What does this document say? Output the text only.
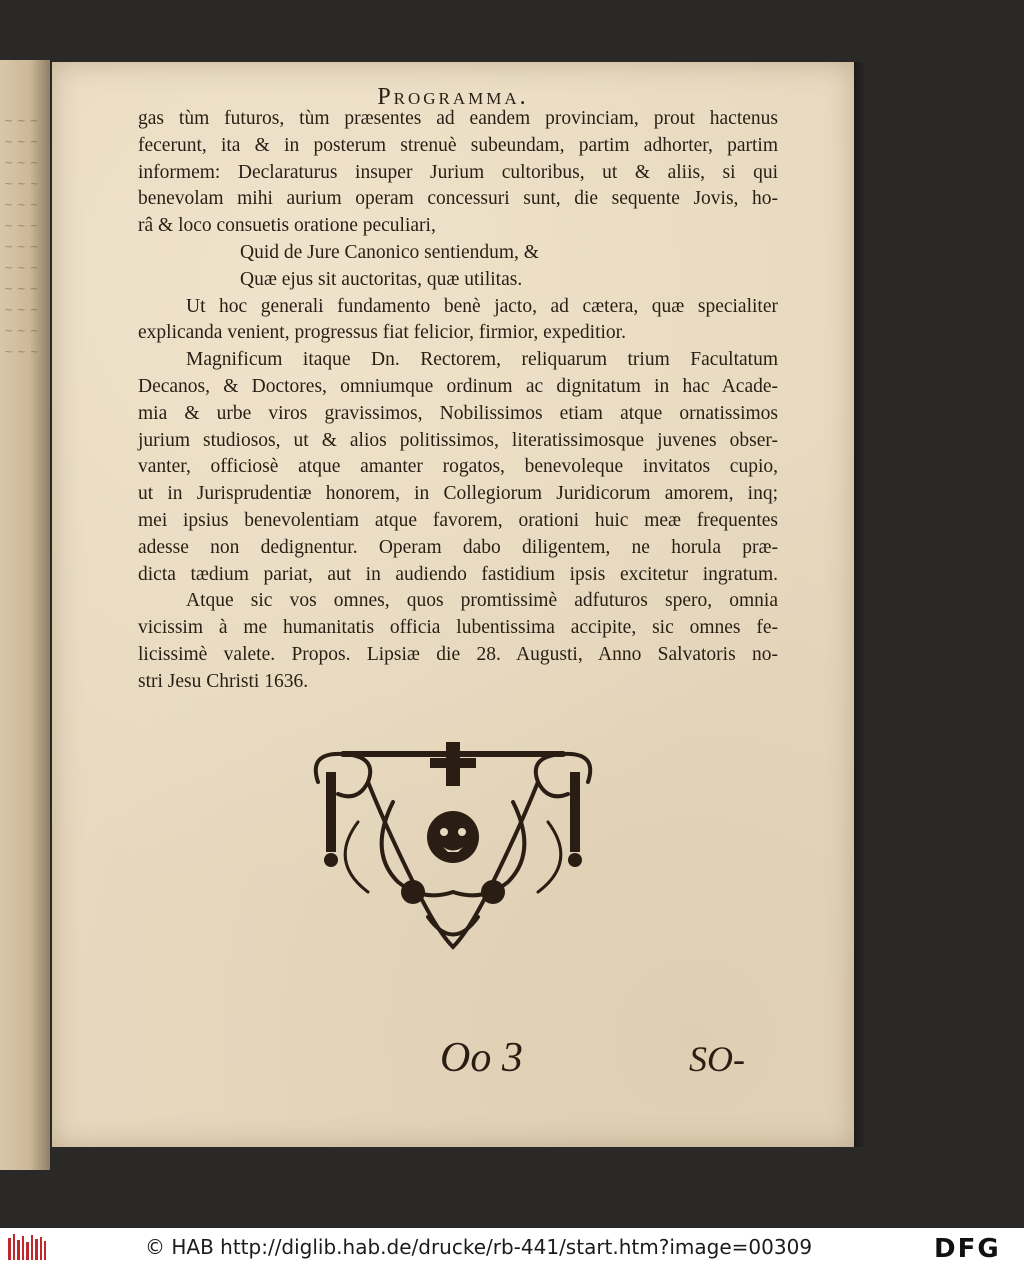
~ ~ ~
~ ~ ~
~ ~ ~
~ ~ ~
~ ~ ~
~ ~ ~
~ ~ ~
~ ~ ~
~ ~ ~
~ ~ ~
~ ~ ~
~ ~ ~
Programma.
gas tùm futuros, tùm præsentes ad eandem provinciam, prout hactenus
fecerunt, ita & in posterum strenuè subeundam, partim adhorter, partim
informem: Declaraturus insuper Jurium cultoribus, ut & aliis, si qui
benevolam mihi aurium operam concessuri sunt, die sequente Jovis, ho-
râ & loco consuetis oratione peculiari,
Quid de Jure Canonico sentiendum, &
Quæ ejus sit auctoritas, quæ utilitas.
Ut hoc generali fundamento benè jacto, ad cætera, quæ specialiter
explicanda venient, progressus fiat felicior, firmior, expeditior.
Magnificum itaque Dn. Rectorem, reliquarum trium Facultatum
Decanos, & Doctores, omniumque ordinum ac dignitatum in hac Acade-
mia & urbe viros gravissimos, Nobilissimos etiam atque ornatissimos
jurium studiosos, ut & alios politissimos, literatissimosque juvenes obser-
vanter, officiosè atque amanter rogatos, benevoleque invitatos cupio,
ut in Jurisprudentiæ honorem, in Collegiorum Juridicorum amorem, inq;
mei ipsius benevolentiam atque favorem, orationi huic meæ frequentes
adesse non dedignentur. Operam dabo diligentem, ne horula præ-
dicta tædium pariat, aut in audiendo fastidium ipsis excitetur ingratum.
Atque sic vos omnes, quos promtissimè adfuturos spero, omnia
vicissim à me humanitatis officia lubentissima accipite, sic omnes fe-
licissimè valete. Propos. Lipsiæ die 28. Augusti, Anno Salvatoris no-
stri Jesu Christi 1636.
Oo 3	SO-
© HAB http://diglib.hab.de/drucke/rb-441/start.htm?image=00309	DFG
